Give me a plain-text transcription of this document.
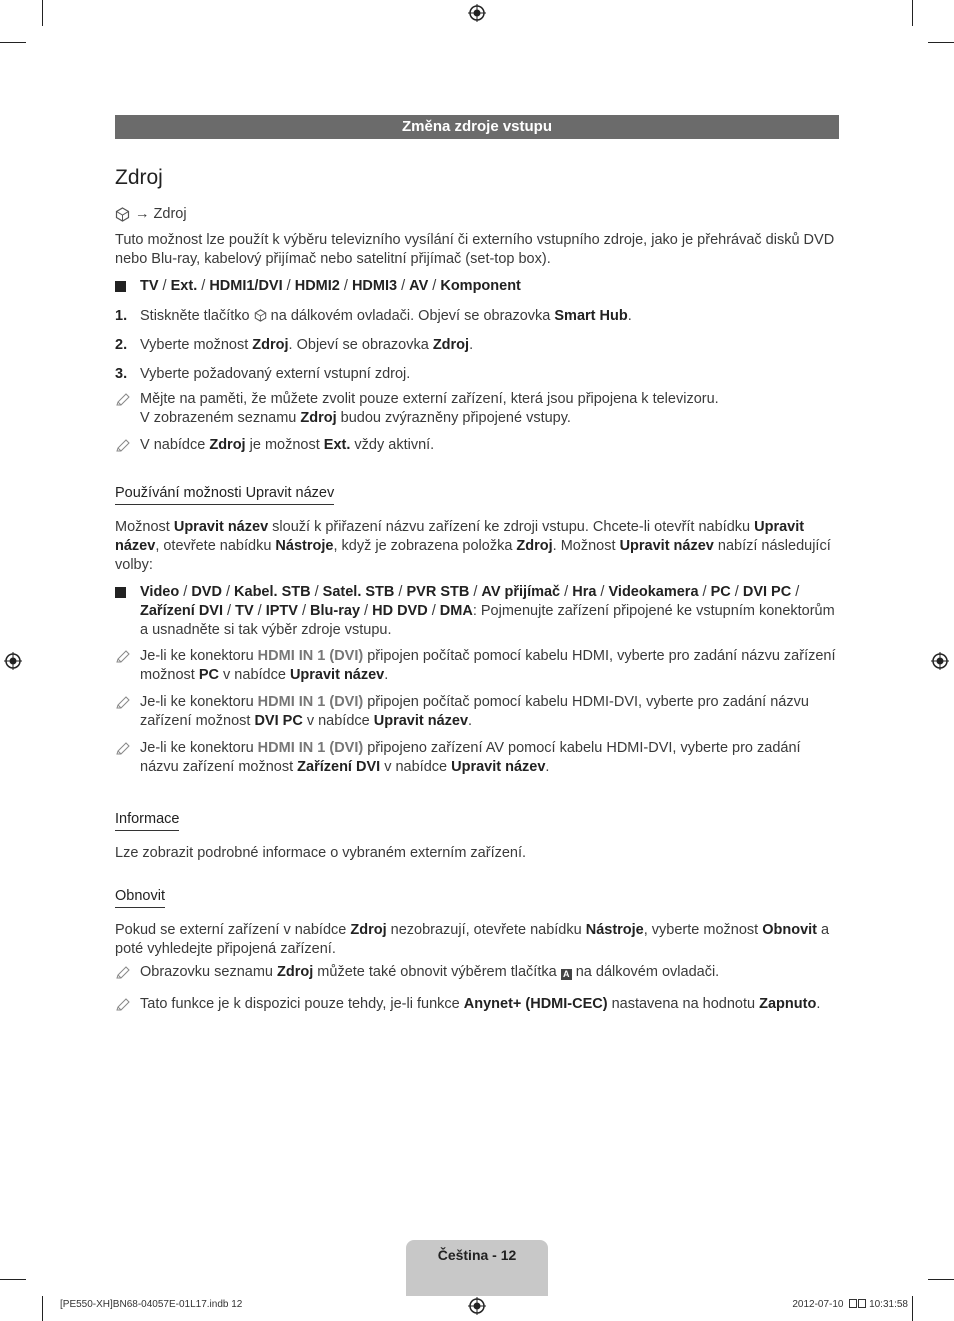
Změna zdroje vstupu
Zdroj
→ Zdroj

Tuto možnost lze použít k výběru televizního vysílání či externího vstupního zdroje, jako je přehrávač disků DVD nebo Blu-ray, kabelový přijímač nebo satelitní přijímač (set-top box).

TV / Ext. / HDMI1/DVI / HDMI2 / HDMI3 / AV / Komponent
1. Stiskněte tlačítko na dálkovém ovladači. Objeví se obrazovka Smart Hub.
2. Vyberte možnost Zdroj. Objeví se obrazovka Zdroj.
3. Vyberte požadovaný externí vstupní zdroj.
Mějte na paměti, že můžete zvolit pouze externí zařízení, která jsou připojena k televizoru.
V zobrazeném seznamu Zdroj budou zvýrazněny připojené vstupy.
V nabídce Zdroj je možnost Ext. vždy aktivní.
Používání možnosti Upravit název

Možnost Upravit název slouží k přiřazení názvu zařízení ke zdroji vstupu. Chcete-li otevřít nabídku Upravit název, otevřete nabídku Nástroje, když je zobrazena položka Zdroj. Možnost Upravit název nabízí následující volby:

Video / DVD / Kabel. STB / Satel. STB / PVR STB / AV přijímač / Hra / Videokamera / PC / DVI PC / Zařízení DVI / TV / IPTV / Blu-ray / HD DVD / DMA: Pojmenujte zařízení připojené ke vstupním konektorům a usnadněte si tak výběr zdroje vstupu.
Je-li ke konektoru HDMI IN 1 (DVI) připojen počítač pomocí kabelu HDMI, vyberte pro zadání názvu zařízení možnost PC v nabídce Upravit název.
Je-li ke konektoru HDMI IN 1 (DVI) připojen počítač pomocí kabelu HDMI-DVI, vyberte pro zadání názvu zařízení možnost DVI PC v nabídce Upravit název.
Je-li ke konektoru HDMI IN 1 (DVI) připojeno zařízení AV pomocí kabelu HDMI-DVI, vyberte pro zadání názvu zařízení možnost Zařízení DVI v nabídce Upravit název.
Informace

Lze zobrazit podrobné informace o vybraném externím zařízení.

Obnovit

Pokud se externí zařízení v nabídce Zdroj nezobrazují, otevřete nabídku Nástroje, vyberte možnost Obnovit a poté vyhledejte připojená zařízení.

Obrazovku seznamu Zdroj můžete také obnovit výběrem tlačítka A na dálkovém ovladači.
Tato funkce je k dispozici pouze tehdy, je-li funkce Anynet+ (HDMI-CEC) nastavena na hodnotu Zapnuto.
Čeština - 12
[PE550-XH]BN68-04057E-01L17.indb 12	2012-07-10	10:31:58
